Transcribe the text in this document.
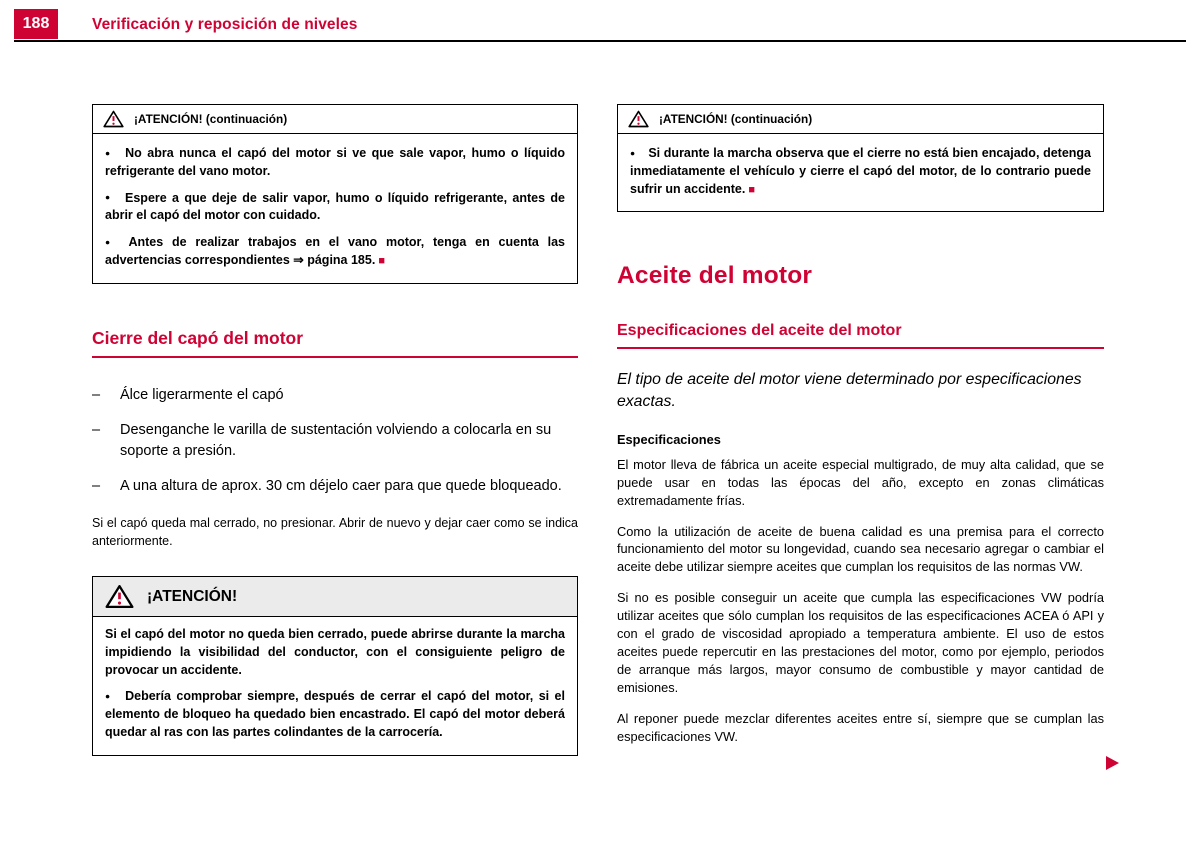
188	Verificación y reposición de niveles
¡ATENCIÓN! (continuación)

● No abra nunca el capó del motor si ve que sale vapor, humo o líquido refrigerante del vano motor.

● Espere a que deje de salir vapor, humo o líquido refrigerante, antes de abrir el capó del motor con cuidado.

● Antes de realizar trabajos en el vano motor, tenga en cuenta las advertencias correspondientes ⇒ página 185. ■

Cierre del capó del motor
– Álce ligerarmente el capó
– Desenganche le varilla de sustentación volviendo a colocarla en su soporte a presión.
– A una altura de aprox. 30 cm déjelo caer para que quede bloqueado.

Si el capó queda mal cerrado, no presionar. Abrir de nuevo y dejar caer como se indica anteriormente.

¡ATENCIÓN!

Si el capó del motor no queda bien cerrado, puede abrirse durante la marcha impidiendo la visibilidad del conductor, con el consiguiente peligro de provocar un accidente.

● Debería comprobar siempre, después de cerrar el capó del motor, si el elemento de bloqueo ha quedado bien encastrado. El capó del motor deberá quedar al ras con las partes colindantes de la carrocería.

¡ATENCIÓN! (continuación)

● Si durante la marcha observa que el cierre no está bien encajado, detenga inmediatamente el vehículo y cierre el capó del motor, de lo contrario puede sufrir un accidente. ■

Aceite del motor
Especificaciones del aceite del motor

El tipo de aceite del motor viene determinado por especificaciones exactas.

Especificaciones

El motor lleva de fábrica un aceite especial multigrado, de muy alta calidad, que se puede usar en todas las épocas del año, excepto en zonas climáticas extremadamente frías.

Como la utilización de aceite de buena calidad es una premisa para el correcto funcionamiento del motor su longevidad, cuando sea necesario agregar o cambiar el aceite debe utilizar siempre aceites que cumplan los requisitos de las normas VW.

Si no es posible conseguir un aceite que cumpla las especificaciones VW podría utilizar aceites que sólo cumplan los requisitos de las especificaciones ACEA ó API y con el grado de viscosidad apropiado a temperatura ambiente. El uso de estos aceites puede repercutir en las prestaciones del motor, como por ejemplo, periodos de arranque más largos, mayor consumo de combustible y mayor cantidad de emisiones.

Al reponer puede mezclar diferentes aceites entre sí, siempre que se cumplan las especificaciones VW.
